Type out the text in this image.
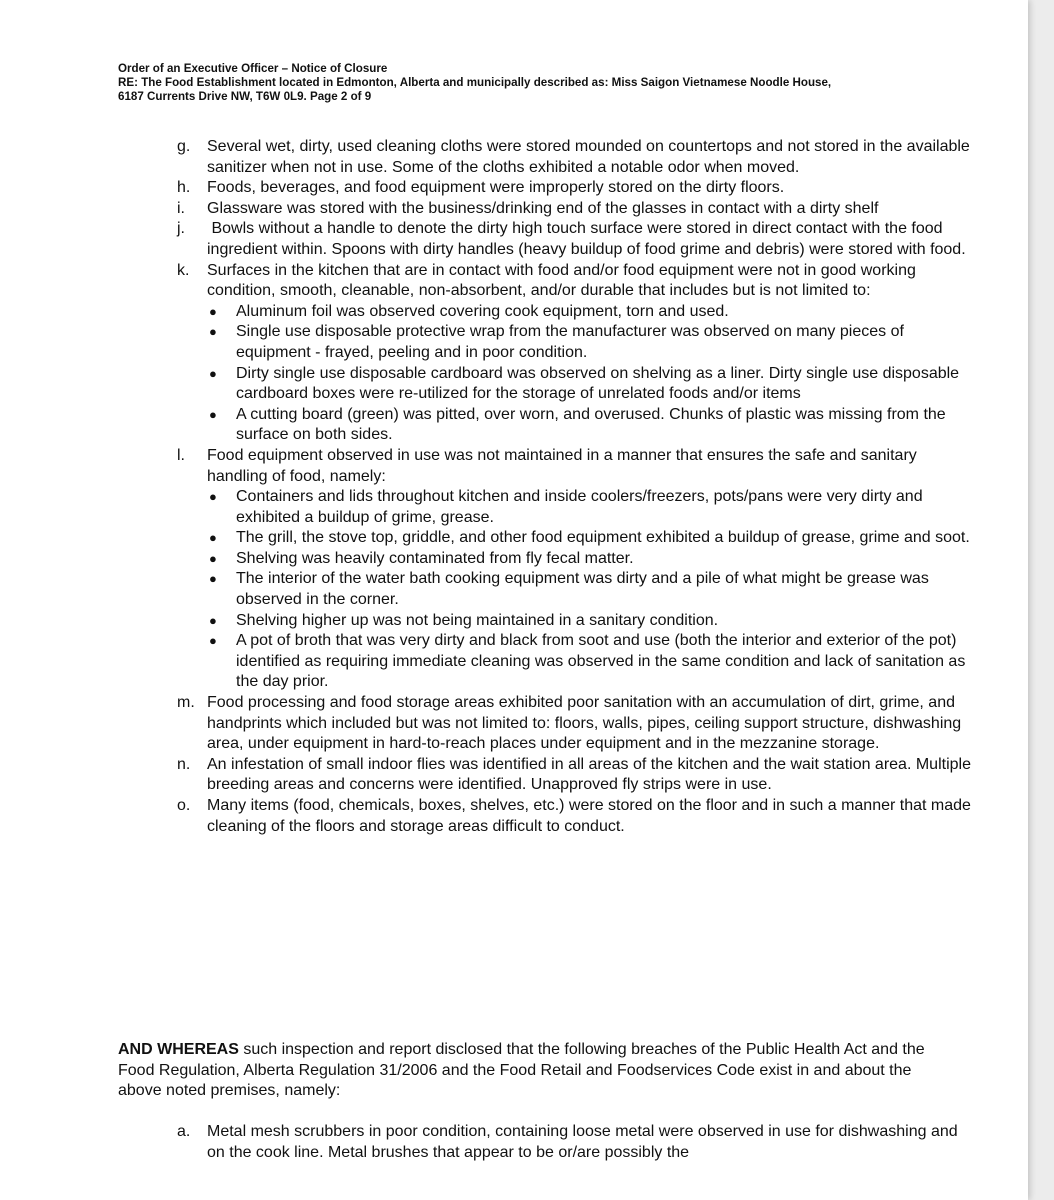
Order of an Executive Officer – Notice of Closure
RE: The Food Establishment located in Edmonton, Alberta and municipally described as: Miss Saigon Vietnamese Noodle House,
6187 Currents Drive NW, T6W 0L9. Page 2 of 9
g. Several wet, dirty, used cleaning cloths were stored mounded on countertops and not stored in the available sanitizer when not in use. Some of the cloths exhibited a notable odor when moved.
h. Foods, beverages, and food equipment were improperly stored on the dirty floors.
i. Glassware was stored with the business/drinking end of the glasses in contact with a dirty shelf
j. Bowls without a handle to denote the dirty high touch surface were stored in direct contact with the food ingredient within. Spoons with dirty handles (heavy buildup of food grime and debris) were stored with food.
k. Surfaces in the kitchen that are in contact with food and/or food equipment were not in good working condition, smooth, cleanable, non-absorbent, and/or durable that includes but is not limited to:
● Aluminum foil was observed covering cook equipment, torn and used.
● Single use disposable protective wrap from the manufacturer was observed on many pieces of equipment - frayed, peeling and in poor condition.
● Dirty single use disposable cardboard was observed on shelving as a liner. Dirty single use disposable cardboard boxes were re-utilized for the storage of unrelated foods and/or items
● A cutting board (green) was pitted, over worn, and overused. Chunks of plastic was missing from the surface on both sides.
l. Food equipment observed in use was not maintained in a manner that ensures the safe and sanitary handling of food, namely:
● Containers and lids throughout kitchen and inside coolers/freezers, pots/pans were very dirty and exhibited a buildup of grime, grease.
● The grill, the stove top, griddle, and other food equipment exhibited a buildup of grease, grime and soot.
● Shelving was heavily contaminated from fly fecal matter.
● The interior of the water bath cooking equipment was dirty and a pile of what might be grease was observed in the corner.
● Shelving higher up was not being maintained in a sanitary condition.
● A pot of broth that was very dirty and black from soot and use (both the interior and exterior of the pot) identified as requiring immediate cleaning was observed in the same condition and lack of sanitation as the day prior.
m. Food processing and food storage areas exhibited poor sanitation with an accumulation of dirt, grime, and handprints which included but was not limited to: floors, walls, pipes, ceiling support structure, dishwashing area, under equipment in hard-to-reach places under equipment and in the mezzanine storage.
n. An infestation of small indoor flies was identified in all areas of the kitchen and the wait station area. Multiple breeding areas and concerns were identified. Unapproved fly strips were in use.
o. Many items (food, chemicals, boxes, shelves, etc.) were stored on the floor and in such a manner that made cleaning of the floors and storage areas difficult to conduct.
AND WHEREAS such inspection and report disclosed that the following breaches of the Public Health Act and the Food Regulation, Alberta Regulation 31/2006 and the Food Retail and Foodservices Code exist in and about the above noted premises, namely:
a. Metal mesh scrubbers in poor condition, containing loose metal were observed in use for dishwashing and on the cook line. Metal brushes that appear to be or/are possibly the
